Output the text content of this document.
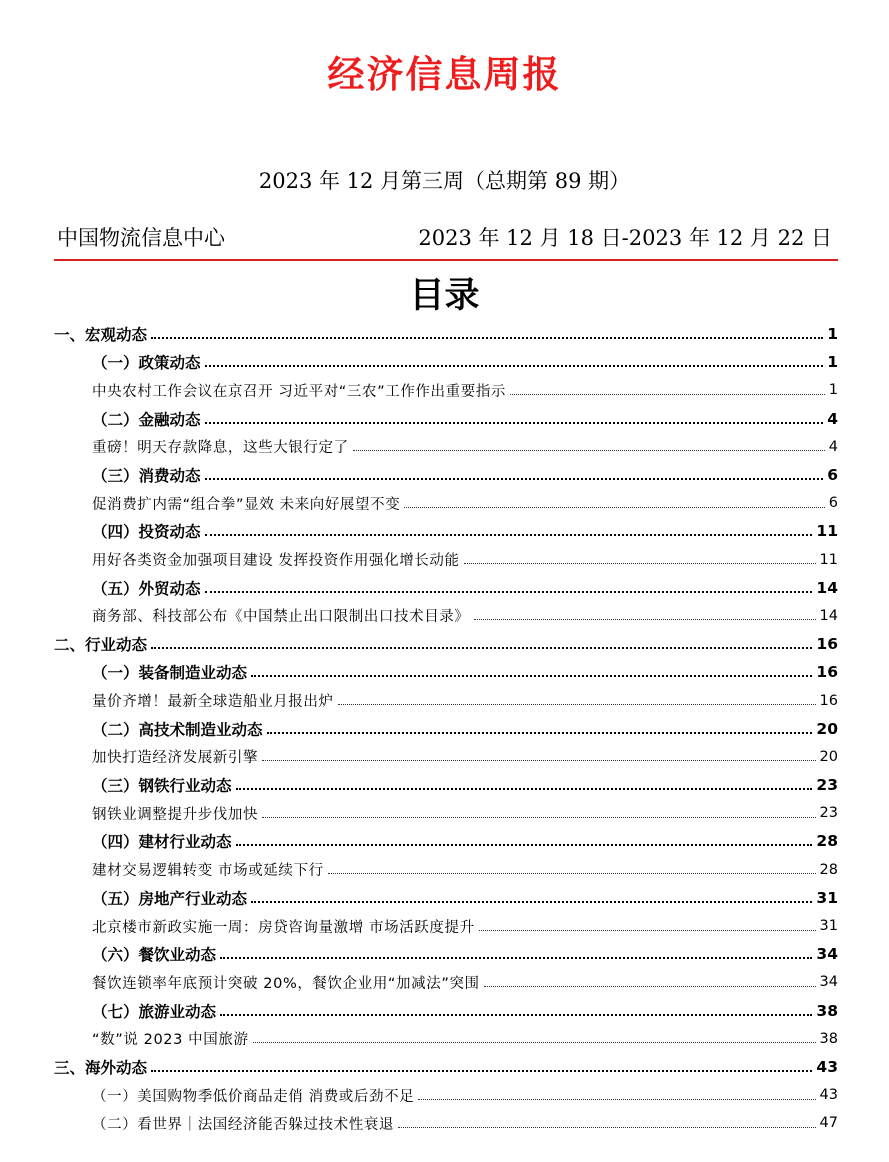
经济信息周报
2023 年 12 月第三周（总期第 89 期）
中国物流信息中心	2023 年 12 月 18 日-2023 年 12 月 22 日
目录
一、宏观动态	1
（一）政策动态	1
中央农村工作会议在京召开 习近平对“三农”工作作出重要指示	1
（二）金融动态	4
重磅！明天存款降息，这些大银行定了	4
（三）消费动态	6
促消费扩内需“组合拳”显效 未来向好展望不变	6
（四）投资动态	11
用好各类资金加强项目建设 发挥投资作用强化增长动能	11
（五）外贸动态	14
商务部、科技部公布《中国禁止出口限制出口技术目录》	14
二、行业动态	16
（一）装备制造业动态	16
量价齐增！最新全球造船业月报出炉	16
（二）高技术制造业动态	20
加快打造经济发展新引擎	20
（三）钢铁行业动态	23
钢铁业调整提升步伐加快	23
（四）建材行业动态	28
建材交易逻辑转变 市场或延续下行	28
（五）房地产行业动态	31
北京楼市新政实施一周：房贷咨询量激增 市场活跃度提升	31
（六）餐饮业动态	34
餐饮连锁率年底预计突破 20%，餐饮企业用“加减法”突围	34
（七）旅游业动态	38
“数”说 2023 中国旅游	38
三、海外动态	43
（一）美国购物季低价商品走俏 消费或后劲不足	43
（二）看世界｜法国经济能否躲过技术性衰退	47
